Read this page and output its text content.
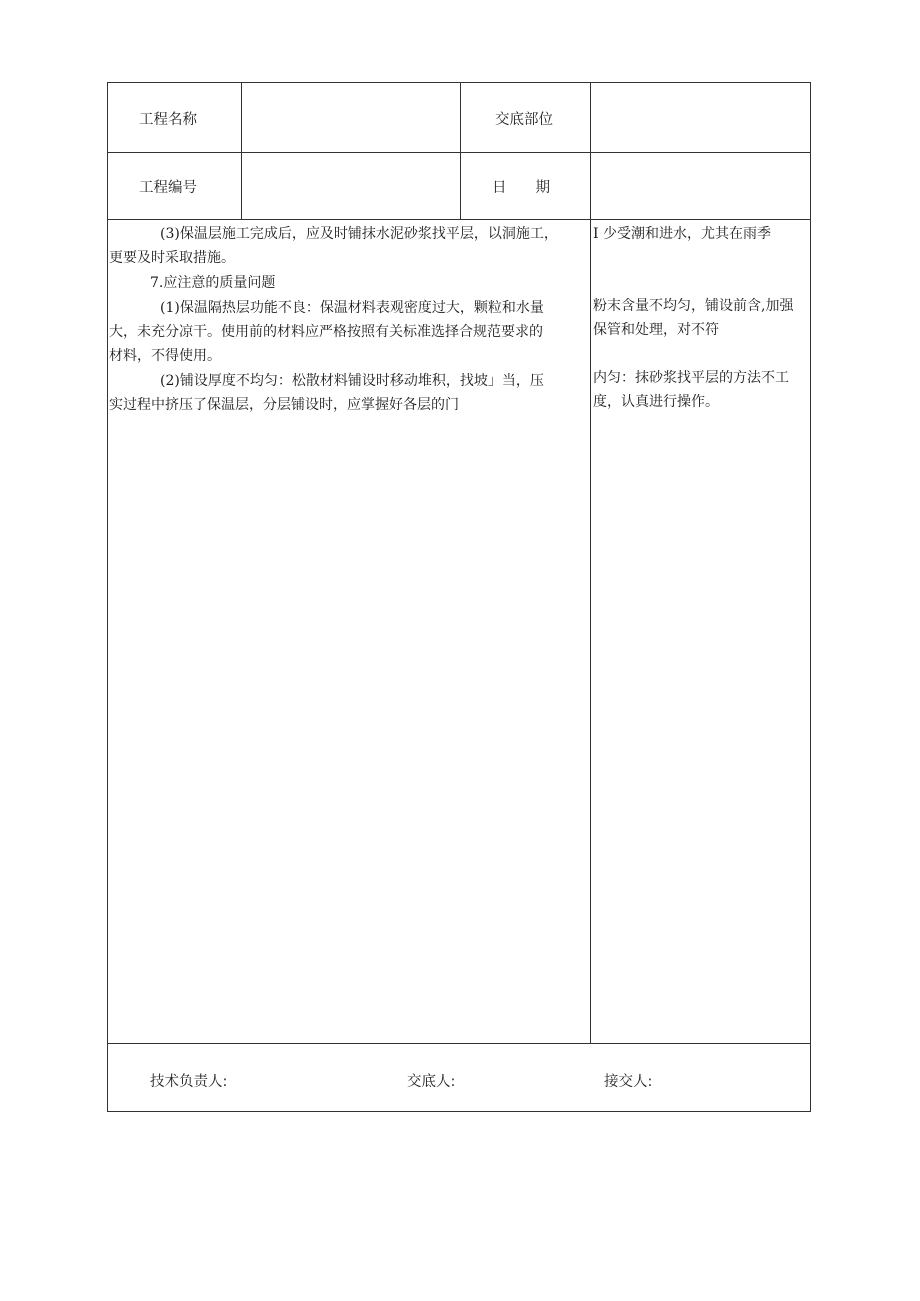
工程名称	交底部位
工程编号	日　　期
(3)保温层施工完成后，应及时铺抹水泥砂浆找平层，以洞施工，
更要及时采取措施。
7.应注意的质量问题
(1)保温隔热层功能不良：保温材料表观密度过大，颗粒和水量
大，未充分凉干。使用前的材料应严格按照有关标准选择合规范要求的
材料，不得使用。
(2)铺设厚度不均匀：松散材料铺设时移动堆积，找坡」当，压
实过程中挤压了保温层，分层铺设时，应掌握好各层的门
I 少受潮和进水，尤其在雨季
粉末含量不均匀，铺设前含,加强
保管和处理，对不符
内匀：抹砂浆找平层的方法不工
度，认真进行操作。
技术负责人:	交底人:	接交人:
